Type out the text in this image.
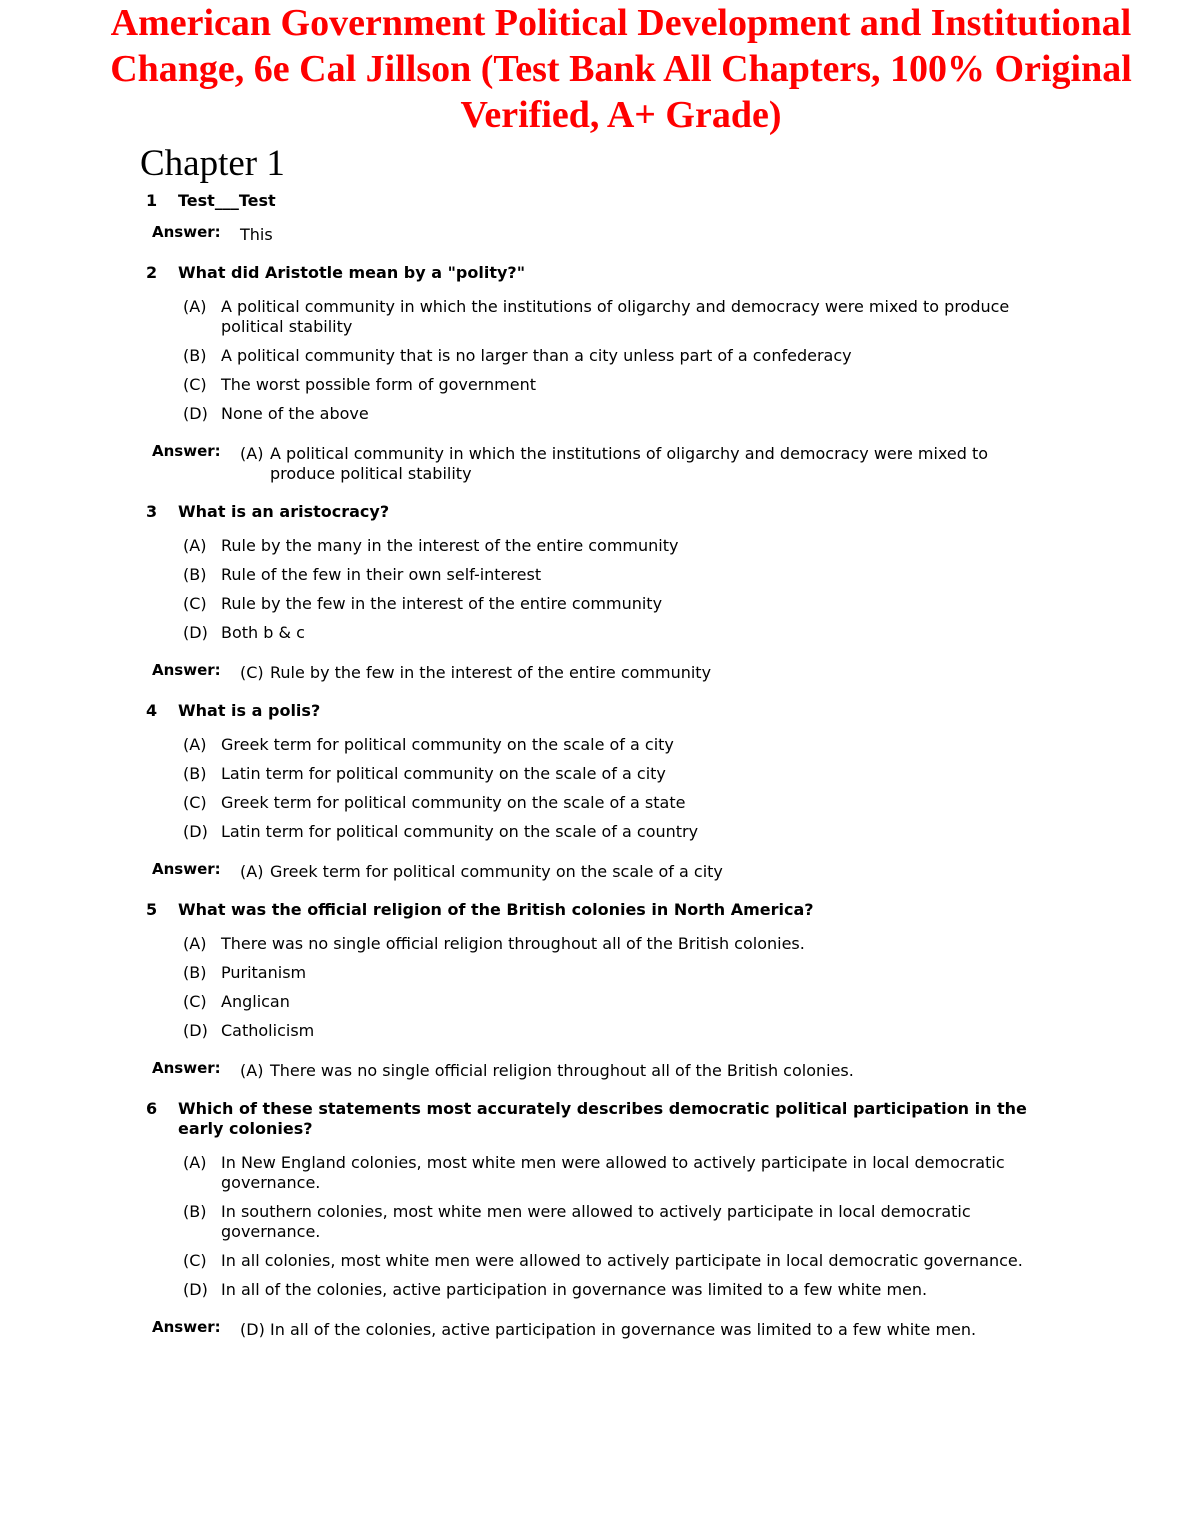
American Government Political Development and Institutional Change, 6e Cal Jillson (Test Bank All Chapters, 100% Original Verified, A+ Grade)
Chapter 1
1	Test___Test
Answer:	This
2	What did Aristotle mean by a "polity?"
(A) A political community in which the institutions of oligarchy and democracy were mixed to produce political stability
(B) A political community that is no larger than a city unless part of a confederacy
(C) The worst possible form of government
(D) None of the above
Answer:	(A) A political community in which the institutions of oligarchy and democracy were mixed to produce political stability
3	What is an aristocracy?
(A) Rule by the many in the interest of the entire community
(B) Rule of the few in their own self-interest
(C) Rule by the few in the interest of the entire community
(D) Both b & c
Answer:	(C) Rule by the few in the interest of the entire community
4	What is a polis?
(A) Greek term for political community on the scale of a city
(B) Latin term for political community on the scale of a city
(C) Greek term for political community on the scale of a state
(D) Latin term for political community on the scale of a country
Answer:	(A) Greek term for political community on the scale of a city
5	What was the official religion of the British colonies in North America?
(A) There was no single official religion throughout all of the British colonies.
(B) Puritanism
(C) Anglican
(D) Catholicism
Answer:	(A) There was no single official religion throughout all of the British colonies.
6	Which of these statements most accurately describes democratic political participation in the early colonies?
(A) In New England colonies, most white men were allowed to actively participate in local democratic governance.
(B) In southern colonies, most white men were allowed to actively participate in local democratic governance.
(C) In all colonies, most white men were allowed to actively participate in local democratic governance.
(D) In all of the colonies, active participation in governance was limited to a few white men.
Answer:	(D) In all of the colonies, active participation in governance was limited to a few white men.
